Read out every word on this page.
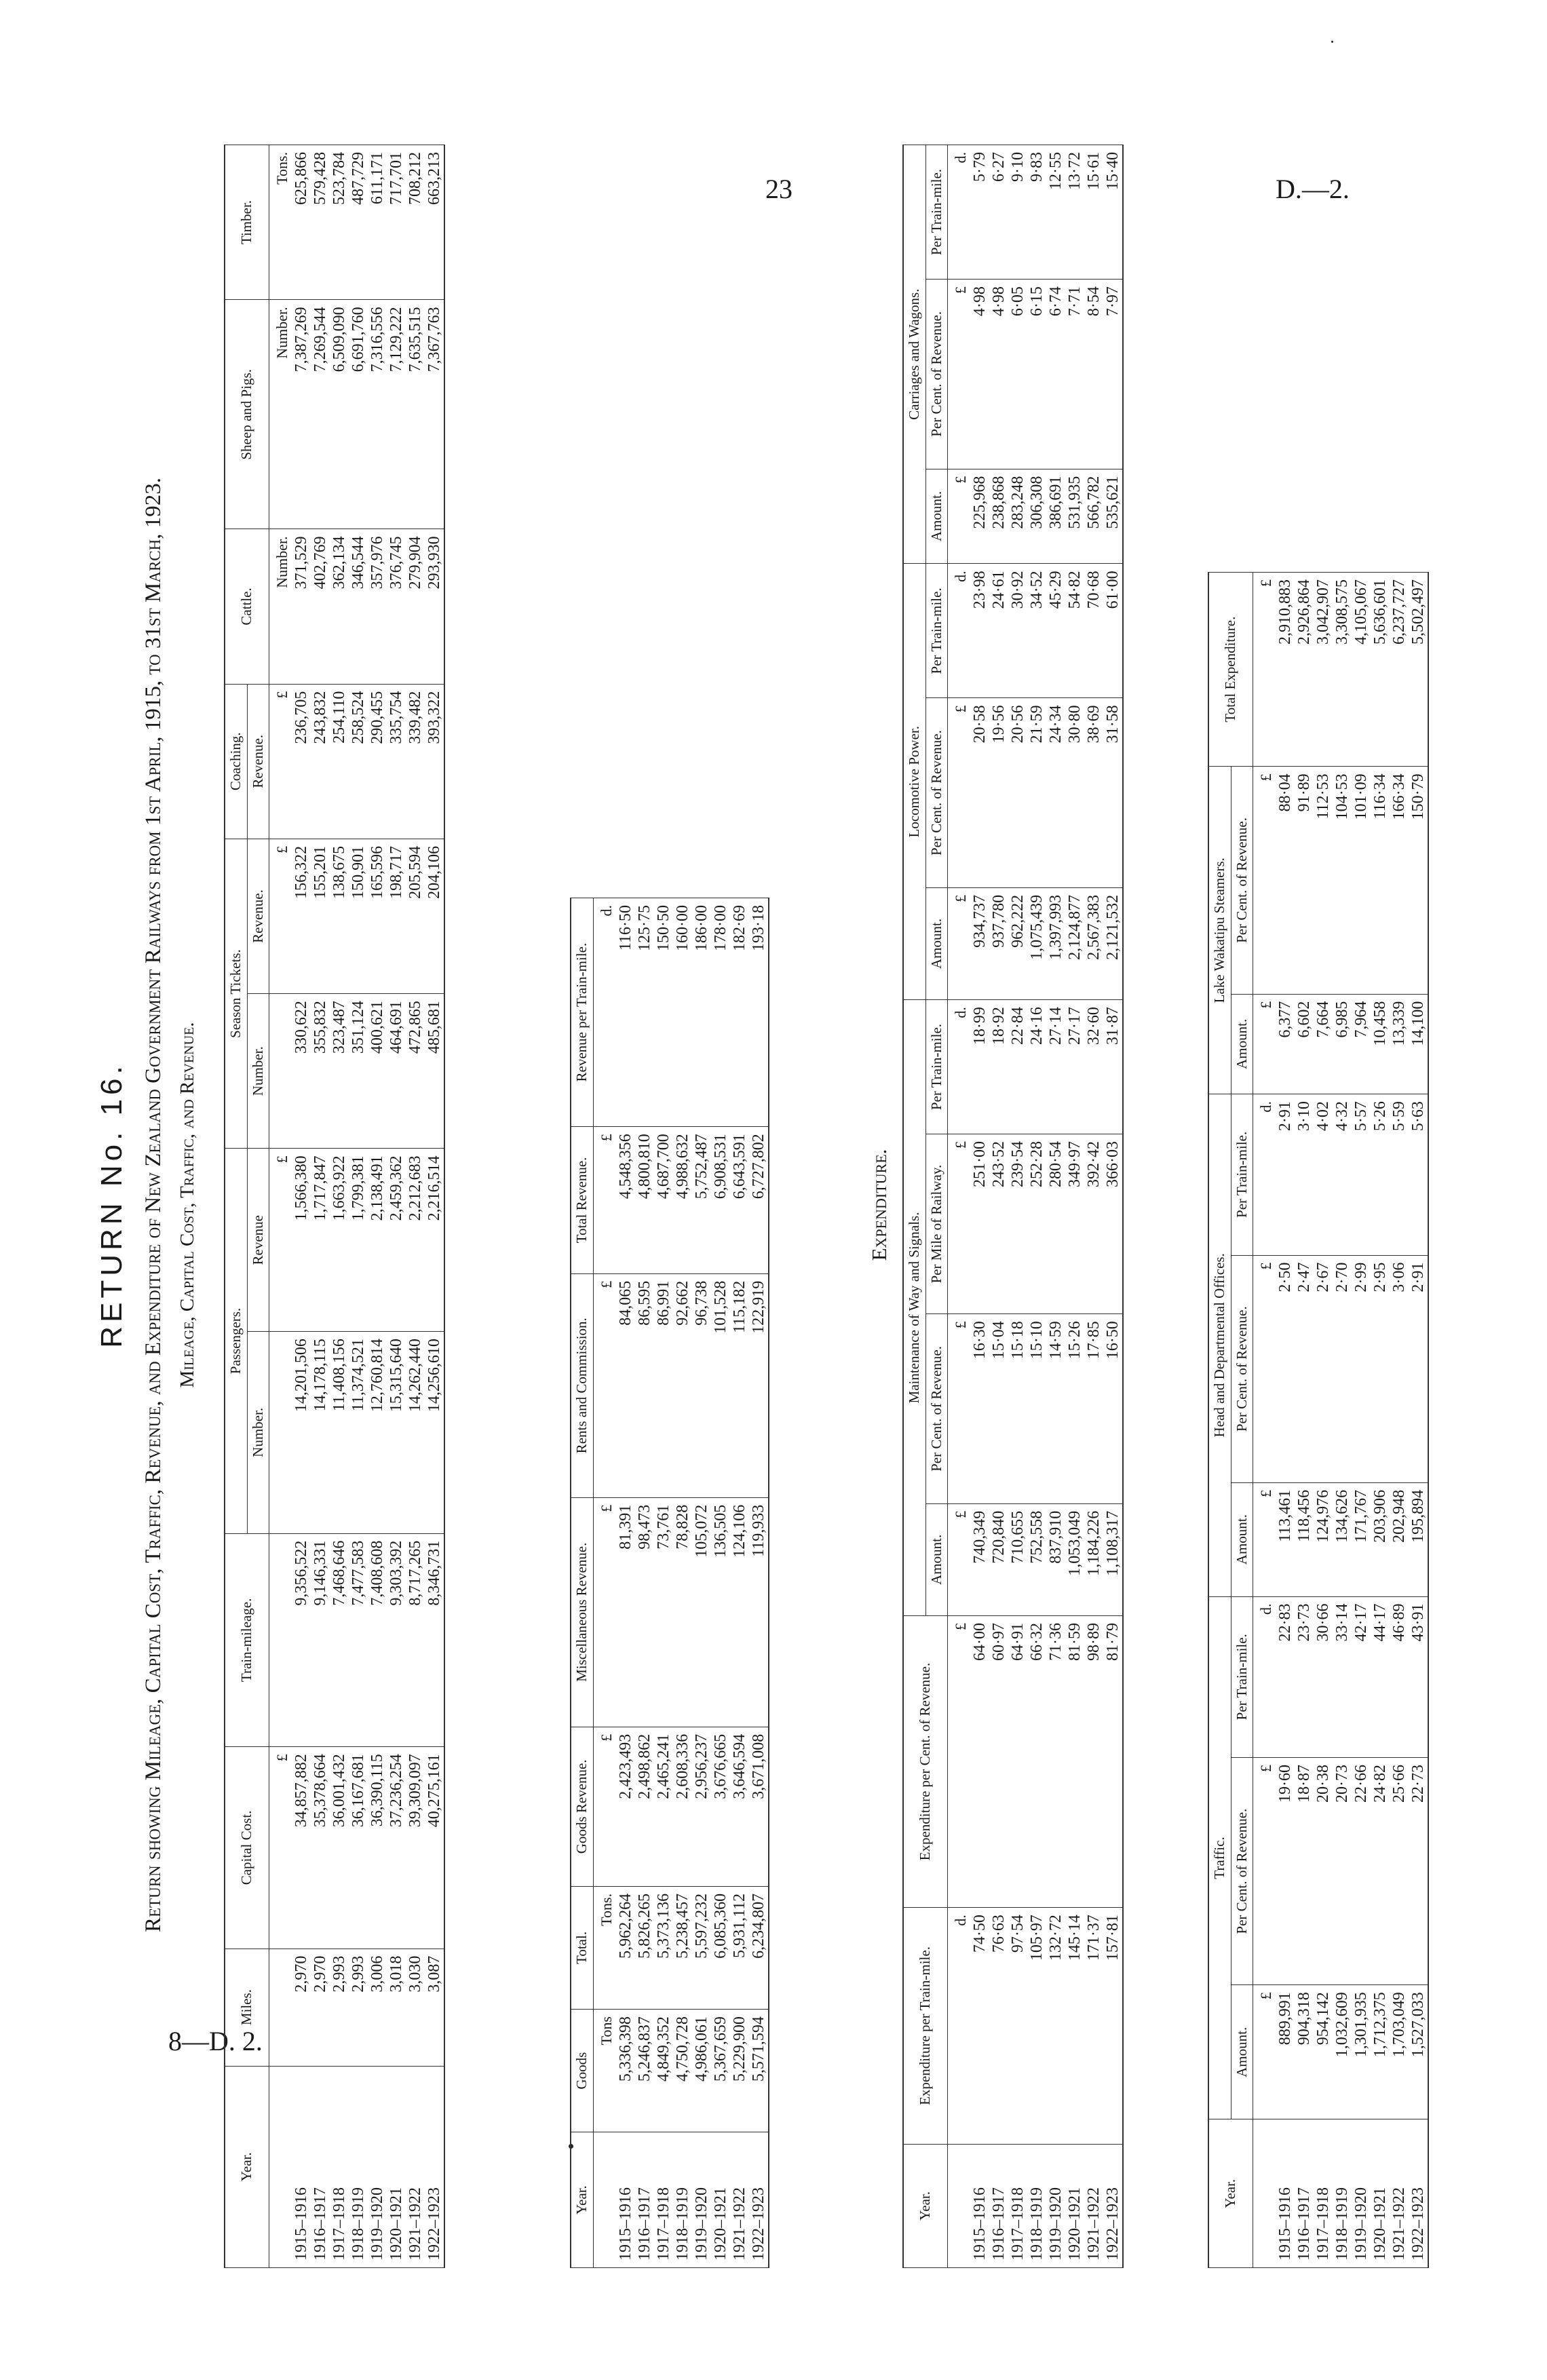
23	D.—2.
8—D. 2.
RETURN No. 16. Return showing Mileage, Capital Cost, Traffic, Revenue, and Expenditure of New Zealand Government Railways from 1st April, 1915, to 31st March, 1923. Mileage, Capital Cost, Traffic, and Revenue.
Year.	Miles.	Capital Cost.	Train-mileage.	Passengers.		Season Tickets.		Coaching.	Cattle.	Sheep and Pigs.	Timber.
				Number.	Revenue	Number.	Revenue.	Revenue.			
		£			£		£	£	Number.	Number.	Tons.
1915–1916	2,970	34,857,882	9,356,522	14,201,506	1,566,380	330,622	156,322	236,705	371,529	7,387,269	625,866
1916–1917	2,970	35,378,664	9,146,331	14,178,115	1,717,847	355,832	155,201	243,832	402,769	7,269,544	579,428
1917–1918	2,993	36,001,432	7,468,646	11,408,156	1,663,922	323,487	138,675	254,110	362,134	6,509,090	523,784
1918–1919	2,993	36,167,681	7,477,583	11,374,521	1,799,381	351,124	150,901	258,524	346,544	6,691,760	487,729
1919–1920	3,006	36,390,115	7,408,608	12,760,814	2,138,491	400,621	165,596	290,455	357,976	7,316,556	611,171
1920–1921	3,018	37,236,254	9,303,392	15,315,640	2,459,362	464,691	198,717	335,754	376,745	7,129,222	717,701
1921–1922	3,030	39,309,097	8,717,265	14,262,440	2,212,683	472,865	205,594	339,482	279,904	7,635,515	708,212
1922–1923	3,087	40,275,161	8,346,731	14,256,610	2,216,514	485,681	204,106	393,322	293,930	7,367,763	663,213
Year.	Goods	Total.	Goods Revenue.	Miscellaneous Revenue.	Rents and Commission.	Total Revenue.	Revenue per Train-mile.
	Tons	Tons.	£	£	£	£	d.
1915–1916	5,336,398	5,962,264	2,423,493	81,391	84,065	4,548,356	116·50
1916–1917	5,246,837	5,826,265	2,498,862	98,473	86,595	4,800,810	125·75
1917–1918	4,849,352	5,373,136	2,465,241	73,761	86,991	4,687,700	150·50
1918–1919	4,750,728	5,238,457	2,608,336	78,828	92,662	4,988,632	160·00
1919–1920	4,986,061	5,597,232	2,956,237	105,072	96,738	5,752,487	186·00
1920–1921	5,367,659	6,085,360	3,676,665	136,505	101,528	6,908,531	178·00
1921–1922	5,229,900	5,931,112	3,646,594	124,106	115,182	6,643,591	182·69
1922–1923	5,571,594	6,234,807	3,671,008	119,933	122,919	6,727,802	193·18
Expenditure.
Year.	Expenditure per Train-mile.	Expenditure per Cent. of Revenue.	Maintenance of Way and Signals.				Locomotive Power.			Carriages and Wagons.		
			Amount.	Per Cent. of Revenue.	Per Mile of Railway.	Per Train-mile.	Amount.	Per Cent. of Revenue.	Per Train-mile.	Amount.	Per Cent. of Revenue.	Per Train-mile.
	d.	£	£	£	£	d.	£	£	d.	£	£	d.
1915–1916	74·50	64·00	740,349	16·30	251·00	18·99	934,737	20·58	23·98	225,968	4·98	5·79
1916–1917	76·63	60·97	720,840	15·04	243·52	18·92	937,780	19·56	24·61	238,868	4·98	6·27
1917–1918	97·54	64·91	710,655	15·18	239·54	22·84	962,222	20·56	30·92	283,248	6·05	9·10
1918–1919	105·97	66·32	752,558	15·10	252·28	24·16	1,075,439	21·59	34·52	306,308	6·15	9·83
1919–1920	132·72	71·36	837,910	14·59	280·54	27·14	1,397,993	24·34	45·29	386,691	6·74	12·55
1920–1921	145·14	81·59	1,053,049	15·26	349·97	27·17	2,124,877	30·80	54·82	531,935	7·71	13·72
1921–1922	171·37	98·89	1,184,226	17·85	392·42	32·60	2,567,383	38·69	70·68	566,782	8·54	15·61
1922–1923	157·81	81·79	1,108,317	16·50	366·03	31·87	2,121,532	31·58	61·00	535,621	7·97	15·40
Year.	Traffic.			Head and Departmental Offices.			Lake Wakatipu Steamers.		Total Expenditure.
	Amount.	Per Cent. of Revenue.	Per Train-mile.	Amount.	Per Cent. of Revenue.	Per Train-mile.	Amount.	Per Cent. of Revenue.	
	£	£	d.	£	£	d.	£	£	£
1915–1916	889,991	19·60	22·83	113,461	2·50	2·91	6,377	88·04	2,910,883
1916–1917	904,318	18·87	23·73	118,456	2·47	3·10	6,602	91·89	2,926,864
1917–1918	954,142	20·38	30·66	124,976	2·67	4·02	7,664	112·53	3,042,907
1918–1919	1,032,609	20·73	33·14	134,626	2·70	4·32	6,985	104·53	3,308,575
1919–1920	1,301,935	22·66	42·17	171,767	2·99	5·57	7,964	101·09	4,105,067
1920–1921	1,712,375	24·82	44·17	203,906	2·95	5·26	10,458	116·34	5,636,601
1921–1922	1,703,049	25·66	46·89	202,948	3·06	5·59	13,339	166·34	6,237,727
1922–1923	1,527,033	22·73	43·91	195,894	2·91	5·63	14,100	150·79	5,502,497
